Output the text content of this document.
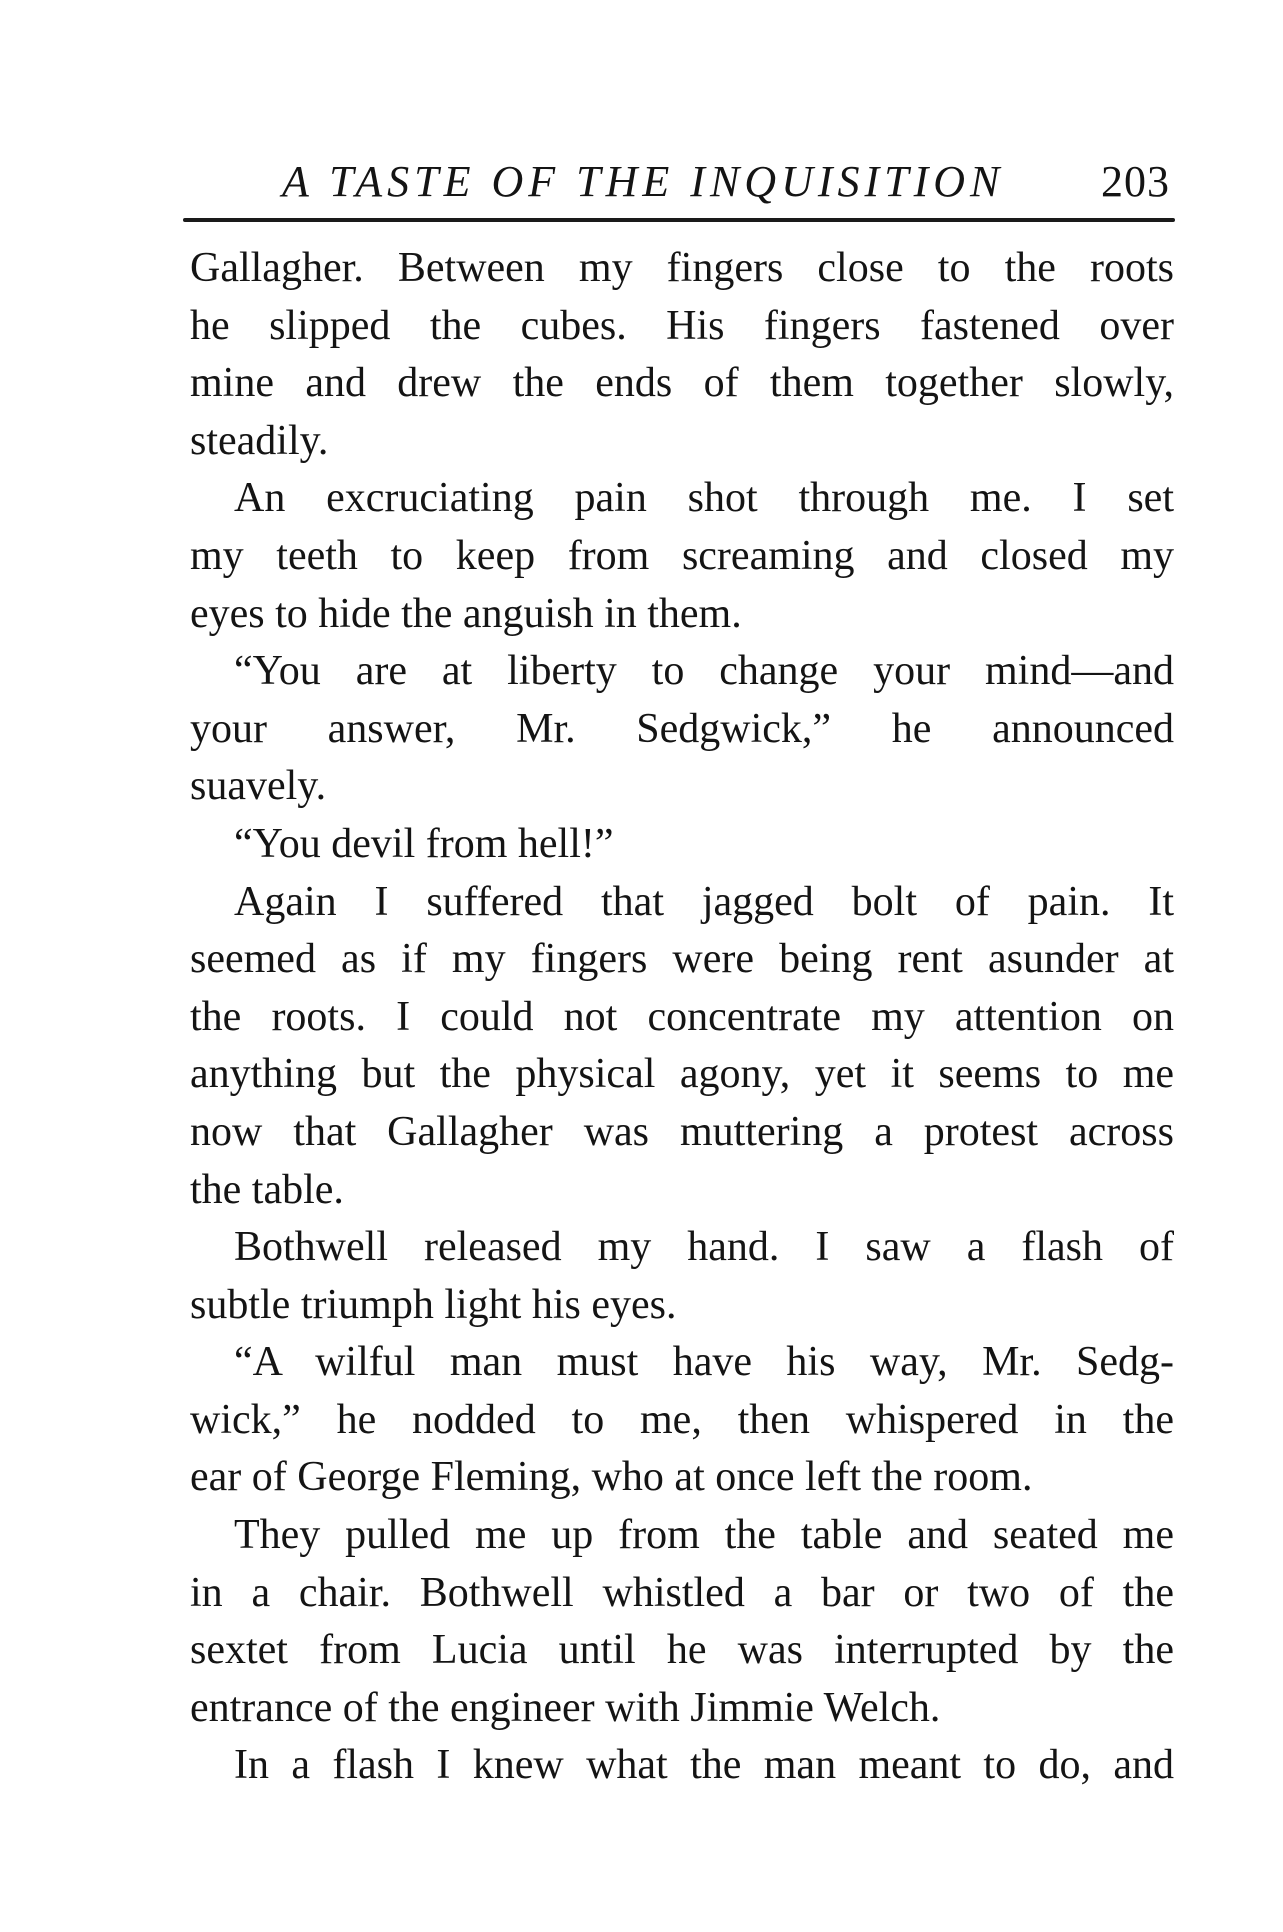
A TASTE OF THE INQUISITION 203
Gallagher. Between my fingers close to the roots
he slipped the cubes. His fingers fastened over
mine and drew the ends of them together slowly,
steadily.
An excruciating pain shot through me. I set
my teeth to keep from screaming and closed my
eyes to hide the anguish in them.
“You are at liberty to change your mind—and
your answer, Mr. Sedgwick,” he announced
suavely.
“You devil from hell!”
Again I suffered that jagged bolt of pain. It
seemed as if my fingers were being rent asunder at
the roots. I could not concentrate my attention on
anything but the physical agony, yet it seems to me
now that Gallagher was muttering a protest across
the table.
Bothwell released my hand. I saw a flash of
subtle triumph light his eyes.
“A wilful man must have his way, Mr. Sedg-
wick,” he nodded to me, then whispered in the
ear of George Fleming, who at once left the room.
They pulled me up from the table and seated me
in a chair. Bothwell whistled a bar or two of the
sextet from Lucia until he was interrupted by the
entrance of the engineer with Jimmie Welch.
In a flash I knew what the man meant to do, and
